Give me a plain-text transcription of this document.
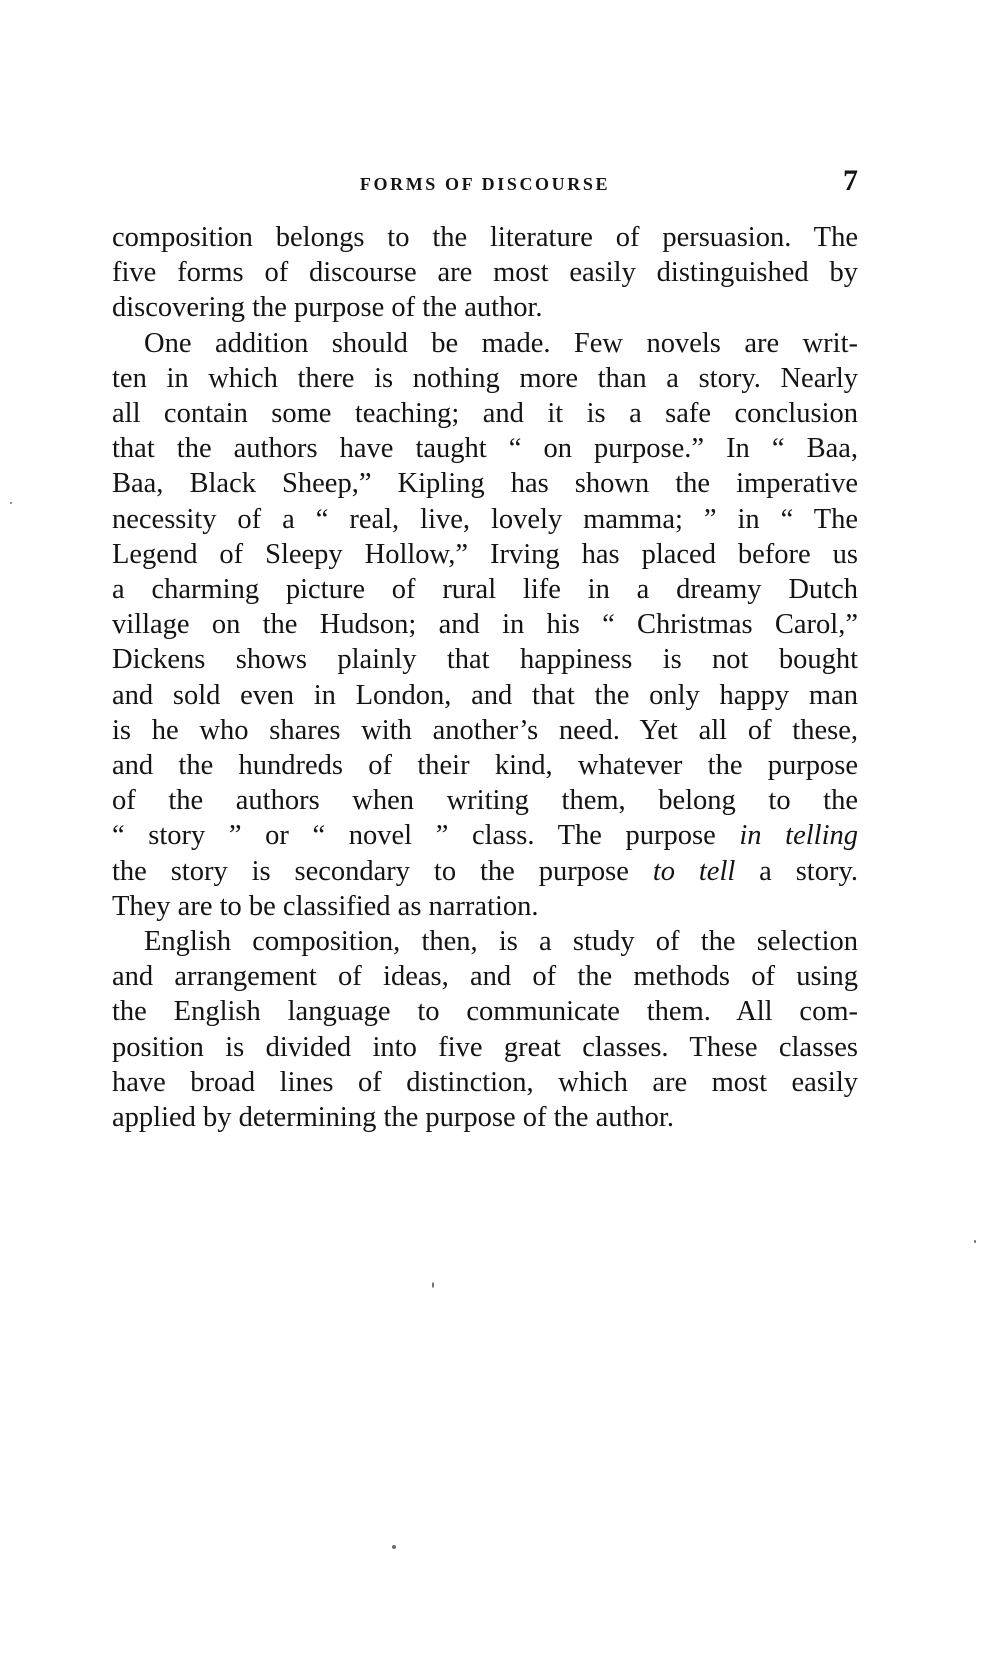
FORMS OF DISCOURSE	7

composition belongs to the literature of persuasion. The

five forms of discourse are most easily distinguished by

discovering the purpose of the author.

One addition should be made. Few novels are writ-

ten in which there is nothing more than a story. Nearly

all contain some teaching; and it is a safe conclusion

that the authors have taught “ on purpose.” In “ Baa,

Baa, Black Sheep,” Kipling has shown the imperative

necessity of a “ real, live, lovely mamma; ” in “ The

Legend of Sleepy Hollow,” Irving has placed before us

a charming picture of rural life in a dreamy Dutch

village on the Hudson; and in his “ Christmas Carol,”

Dickens shows plainly that happiness is not bought

and sold even in London, and that the only happy man

is he who shares with another’s need. Yet all of these,

and the hundreds of their kind, whatever the purpose

of the authors when writing them, belong to the

“ story ” or “ novel ” class. The purpose in telling

the story is secondary to the purpose to tell a story.

They are to be classified as narration.

English composition, then, is a study of the selection

and arrangement of ideas, and of the methods of using

the English language to communicate them. All com-

position is divided into five great classes. These classes

have broad lines of distinction, which are most easily

applied by determining the purpose of the author.
